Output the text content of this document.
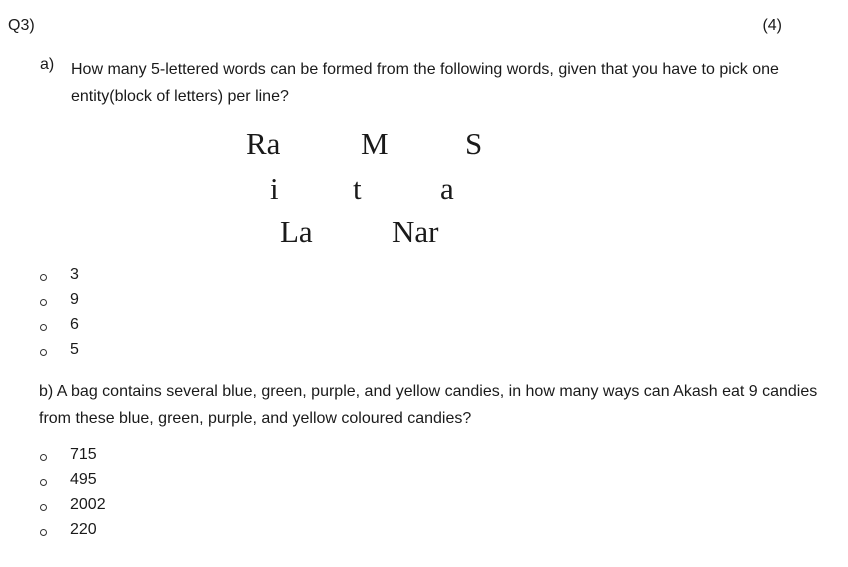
Q3)	(4)
a) How many 5-lettered words can be formed from the following words, given that you have to pick one entity(block of letters) per line?
Ra	M S
i t	a
La	Nar
3
9
6
5
b) A bag contains several blue, green, purple, and yellow candies, in how many ways can Akash eat 9 candies from these blue, green, purple, and yellow coloured candies?
715
495
2002
220
